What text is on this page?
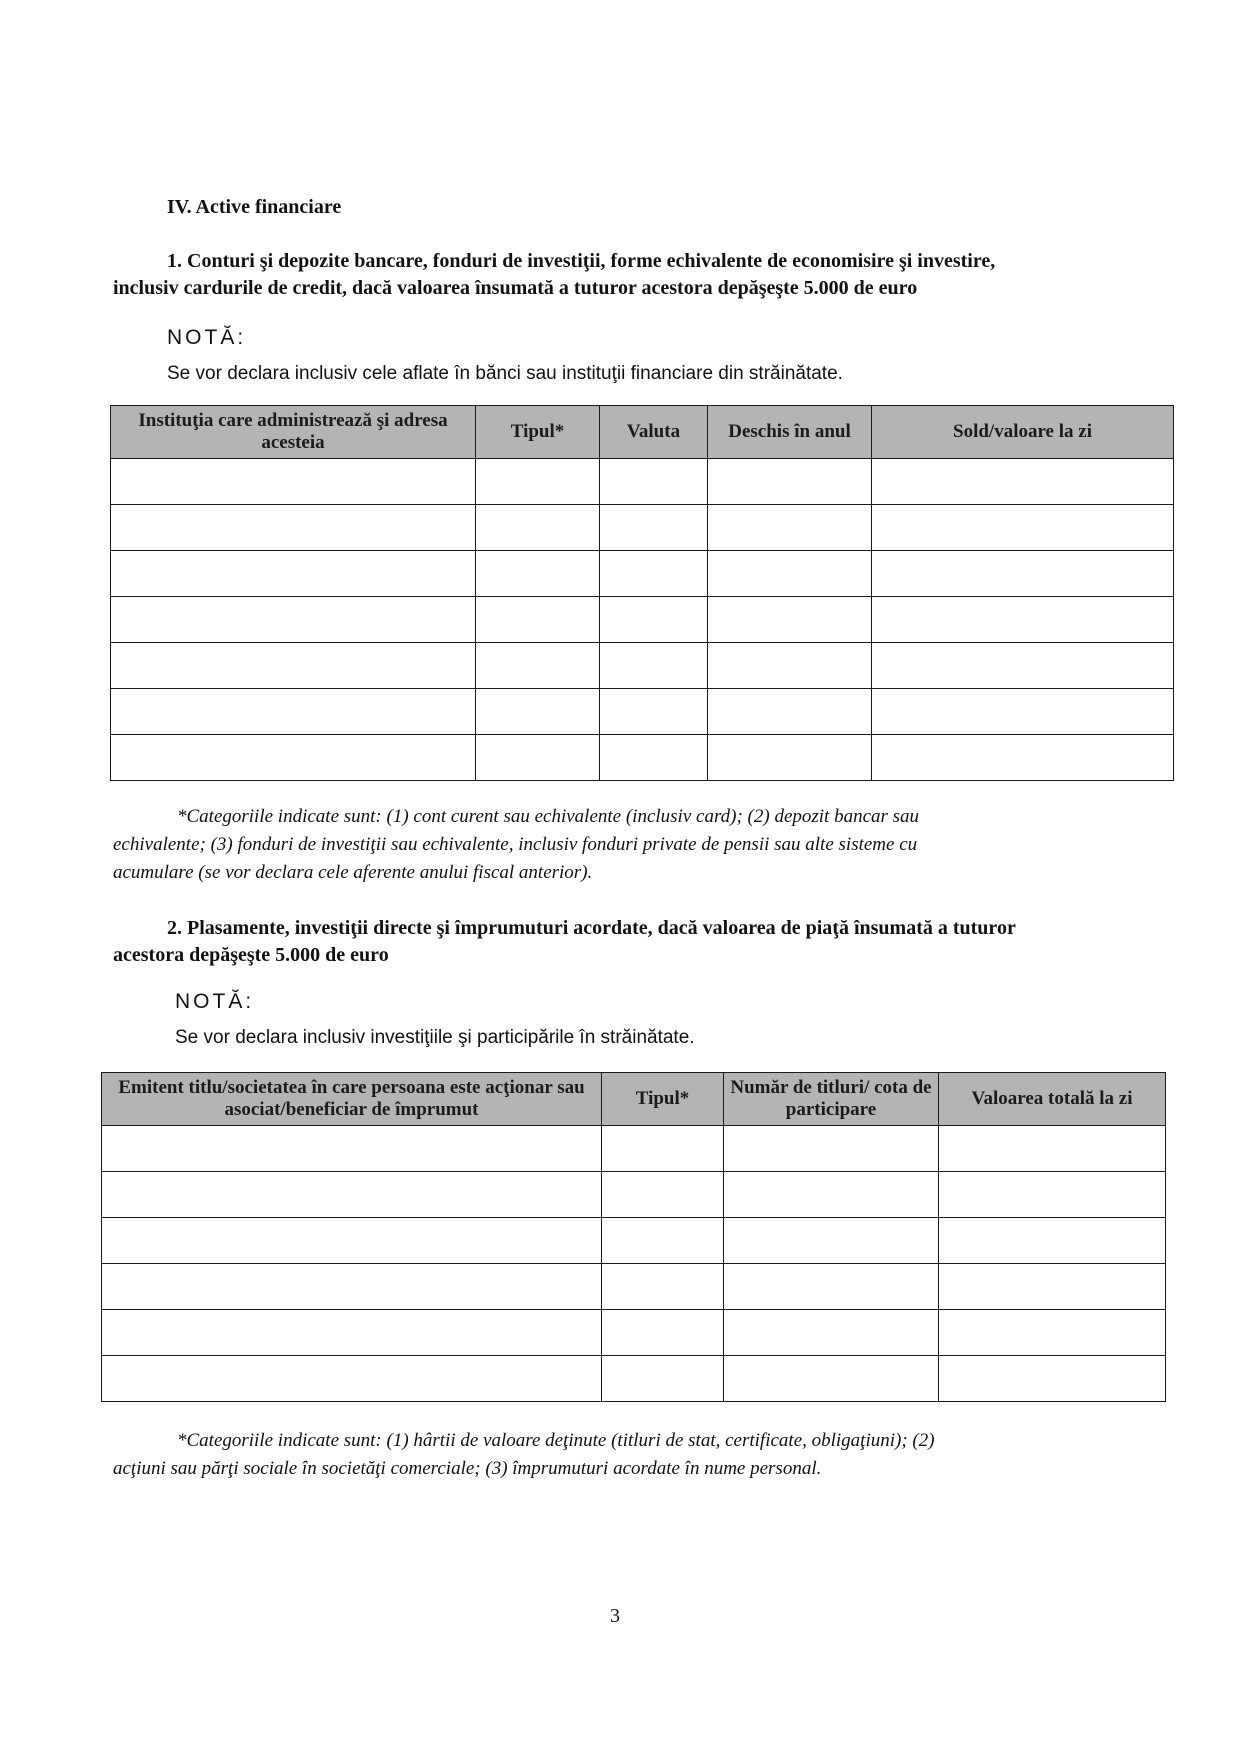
IV. Active financiare
1. Conturi şi depozite bancare, fonduri de investiţii, forme echivalente de economisire şi investire,
inclusiv cardurile de credit, dacă valoarea însumată a tuturor acestora depăşeşte 5.000 de euro
NOTĂ:
Se vor declara inclusiv cele aflate în bănci sau instituţii financiare din străinătate.
Instituţia care administrează şi adresa acesteia	Tipul*	Valuta	Deschis în anul	Sold/valoare la zi

*Categoriile indicate sunt: (1) cont curent sau echivalente (inclusiv card); (2) depozit bancar sau
echivalente; (3) fonduri de investiţii sau echivalente, inclusiv fonduri private de pensii sau alte sisteme cu
acumulare (se vor declara cele aferente anului fiscal anterior).
2. Plasamente, investiţii directe şi împrumuturi acordate, dacă valoarea de piaţă însumată a tuturor
acestora depăşeşte 5.000 de euro
NOTĂ:
Se vor declara inclusiv investiţiile şi participările în străinătate.
Emitent titlu/societatea în care persoana este acţionar sau asociat/beneficiar de împrumut	Tipul*	Număr de titluri/ cota de participare	Valoarea totală la zi

*Categoriile indicate sunt: (1) hârtii de valoare deţinute (titluri de stat, certificate, obligaţiuni); (2)
acţiuni sau părţi sociale în societăţi comerciale; (3) împrumuturi acordate în nume personal.
3
